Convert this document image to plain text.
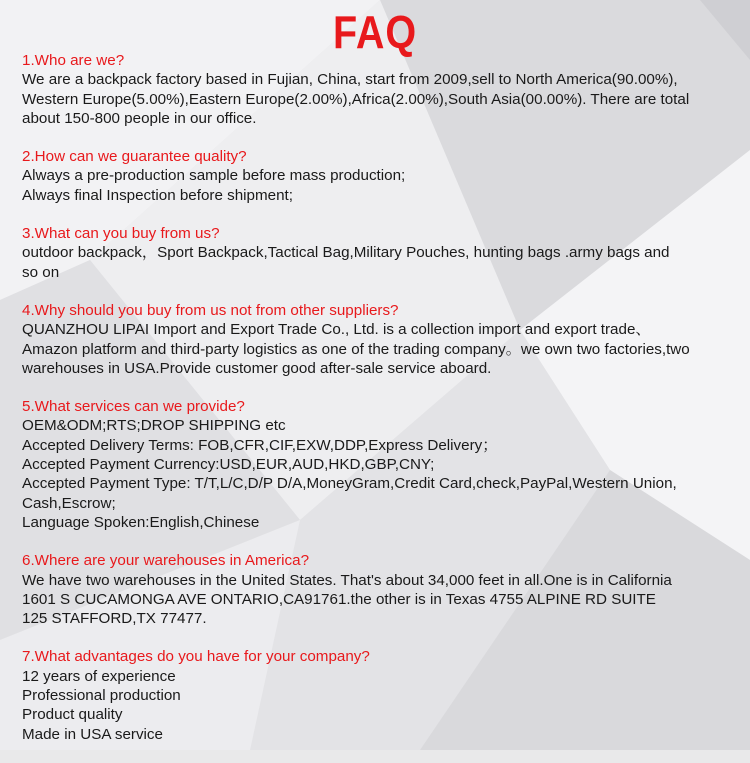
FAQ
1.Who are we?
We are a backpack factory based in Fujian, China, start from 2009,sell to North America(90.00%),
Western Europe(5.00%),Eastern Europe(2.00%),Africa(2.00%),South Asia(00.00%). There are total
about 150-800 people in our office.
2.How can we guarantee quality?
Always a pre-production sample before mass production;
Always final Inspection before shipment;
3.What can you buy from us?
outdoor backpack，Sport Backpack,Tactical Bag,Military Pouches, hunting bags .army bags and
so on
4.Why should you buy from us not from other suppliers?
QUANZHOU LIPAI Import and Export Trade Co., Ltd. is a collection import and export trade、
Amazon platform and third-party logistics as one of the trading company。we own two factories,two
warehouses in USA.Provide customer good after-sale service aboard.
5.What services can we provide?
OEM&ODM;RTS;DROP SHIPPING etc
Accepted Delivery Terms: FOB,CFR,CIF,EXW,DDP,Express Delivery；
Accepted Payment Currency:USD,EUR,AUD,HKD,GBP,CNY;
Accepted Payment Type: T/T,L/C,D/P D/A,MoneyGram,Credit Card,check,PayPal,Western Union,
Cash,Escrow;
Language Spoken:English,Chinese
6.Where are your warehouses in America?
We have two warehouses in the United States. That's about 34,000 feet in all.One is in California
1601 S CUCAMONGA AVE ONTARIO,CA91761.the other is in Texas 4755 ALPINE RD SUITE
125 STAFFORD,TX 77477.
7.What advantages do you have for your company?
12 years of experience
Professional production
Product quality
Made in USA service
